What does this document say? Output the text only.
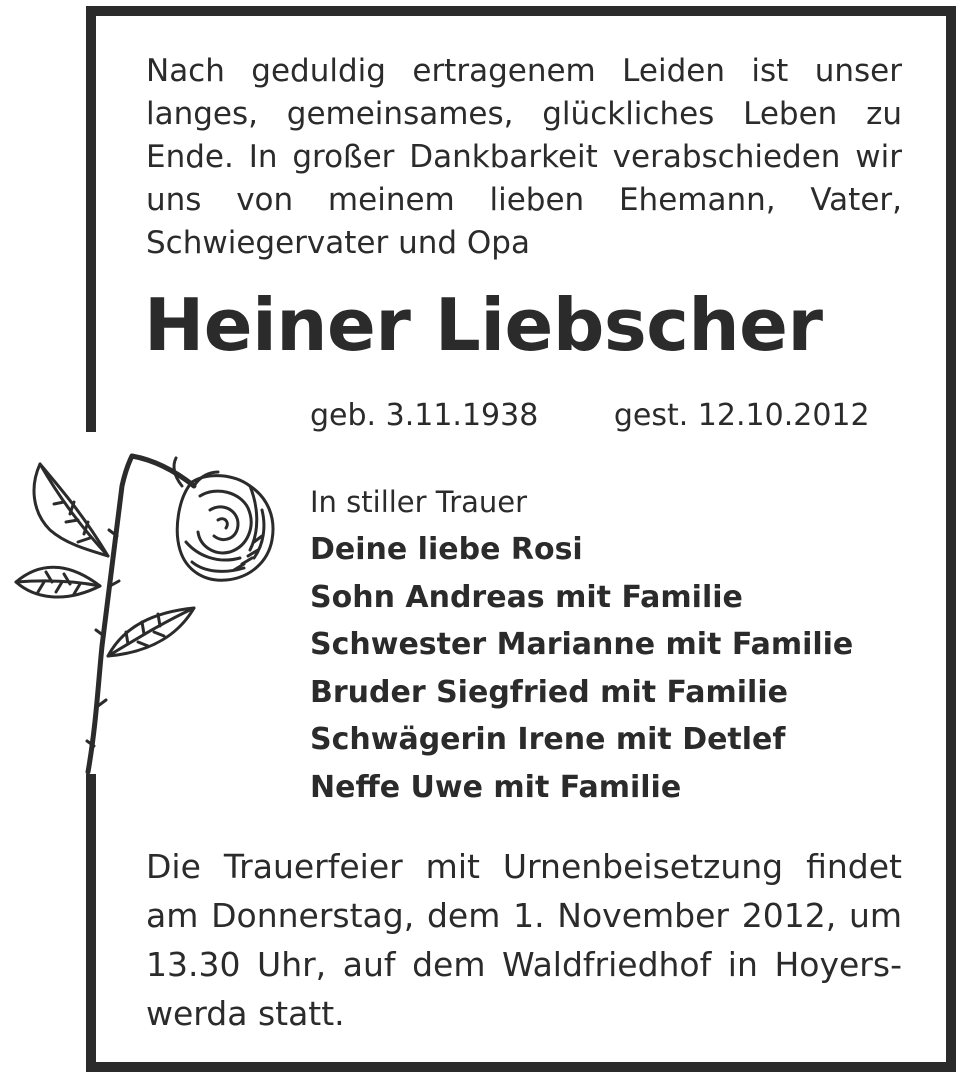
Nach geduldig ertragenem Leiden ist unser langes, gemeinsames, glückliches Leben zu Ende. In großer Dankbarkeit verabschieden wir uns von meinem lieben Ehemann, Vater, Schwiegervater und Opa

Heiner Liebscher
geb. 3.11.1938	gest. 12.10.2012
In stiller Trauer
Deine liebe Rosi
Sohn Andreas mit Familie
Schwester Marianne mit Familie
Bruder Siegfried mit Familie
Schwägerin Irene mit Detlef
Neffe Uwe mit Familie

Die Trauerfeier mit Urnenbeisetzung findet am Donnerstag, dem 1. November 2012, um 13.30 Uhr, auf dem Waldfriedhof in Hoyerswerda statt.
